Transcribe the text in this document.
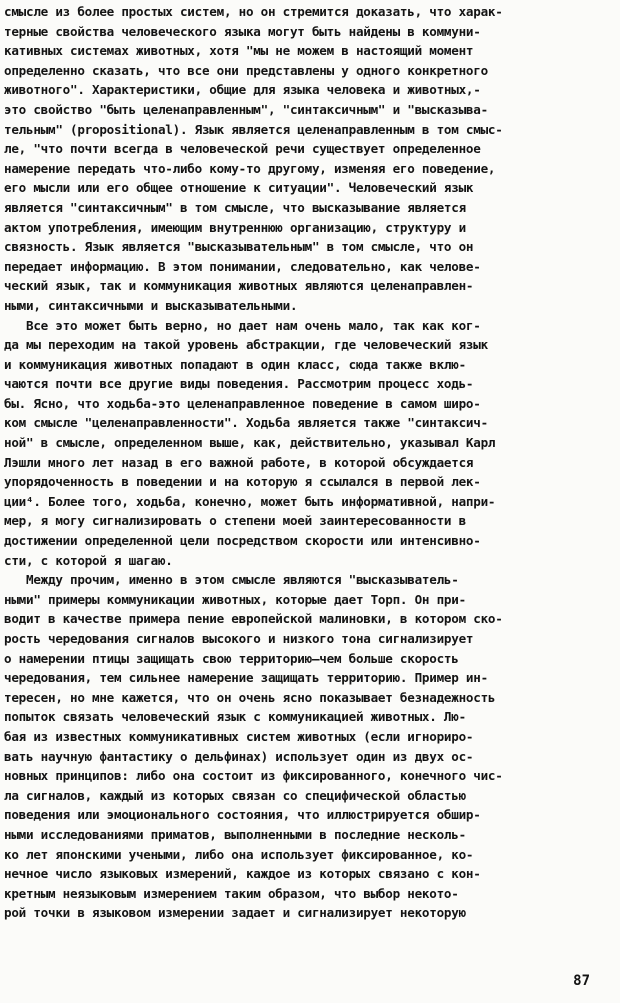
смысле из более простых систем, но он стремится доказать, что харак-
терные свойства человеческого языка могут быть найдены в коммуни-
кативных системах животных, хотя "мы не можем в настоящий момент
определенно сказать, что все они представлены у одного конкретного
животного". Характеристики, общие для языка человека и животных,-
это свойство "быть целенаправленным", "синтаксичным" и "высказыва-
тельным" (propositional). Язык является целенаправленным в том смыс-
ле, "что почти всегда в человеческой речи существует определенное
намерение передать что-либо кому-то другому, изменяя его поведение,
его мысли или его общее отношение к ситуации". Человеческий язык
является "синтаксичным" в том смысле, что высказывание является
актом употребления, имеющим внутреннюю организацию, структуру и
связность. Язык является "высказывательным" в том смысле, что он
передает информацию. В этом понимании, следовательно, как челове-
ческий язык, так и коммуникация животных являются целенаправлен-
ными, синтаксичными и высказывательными.
Все это может быть верно, но дает нам очень мало, так как ког-
да мы переходим на такой уровень абстракции, где человеческий язык
и коммуникация животных попадают в один класс, сюда также вклю-
чаются почти все другие виды поведения. Рассмотрим процесс ходь-
бы. Ясно, что ходьба-это целенаправленное поведение в самом широ-
ком смысле "целенаправленности". Ходьба является также "синтаксич-
ной" в смысле, определенном выше, как, действительно, указывал Карл
Лэшли много лет назад в его важной работе, в которой обсуждается
упорядоченность в поведении и на которую я ссылался в первой лек-
ции⁴. Более того, ходьба, конечно, может быть информативной, напри-
мер, я могу сигнализировать о степени моей заинтересованности в
достижении определенной цели посредством скорости или интенсивно-
сти, с которой я шагаю.
Между прочим, именно в этом смысле являются "высказыватель-
ными" примеры коммуникации животных, которые дает Торп. Он при-
водит в качестве примера пение европейской малиновки, в котором ско-
рость чередования сигналов высокого и низкого тона сигнализирует
о намерении птицы защищать свою территорию—чем больше скорость
чередования, тем сильнее намерение защищать территорию. Пример ин-
тересен, но мне кажется, что он очень ясно показывает безнадежность
попыток связать человеческий язык с коммуникацией животных. Лю-
бая из известных коммуникативных систем животных (если игнориро-
вать научную фантастику о дельфинах) использует один из двух ос-
новных принципов: либо она состоит из фиксированного, конечного чис-
ла сигналов, каждый из которых связан со специфической областью
поведения или эмоционального состояния, что иллюстрируется обшир-
ными исследованиями приматов, выполненными в последние несколь-
ко лет японскими учеными, либо она использует фиксированное, ко-
нечное число языковых измерений, каждое из которых связано с кон-
кретным неязыковым измерением таким образом, что выбор некото-
рой точки в языковом измерении задает и сигнализирует некоторую
87
